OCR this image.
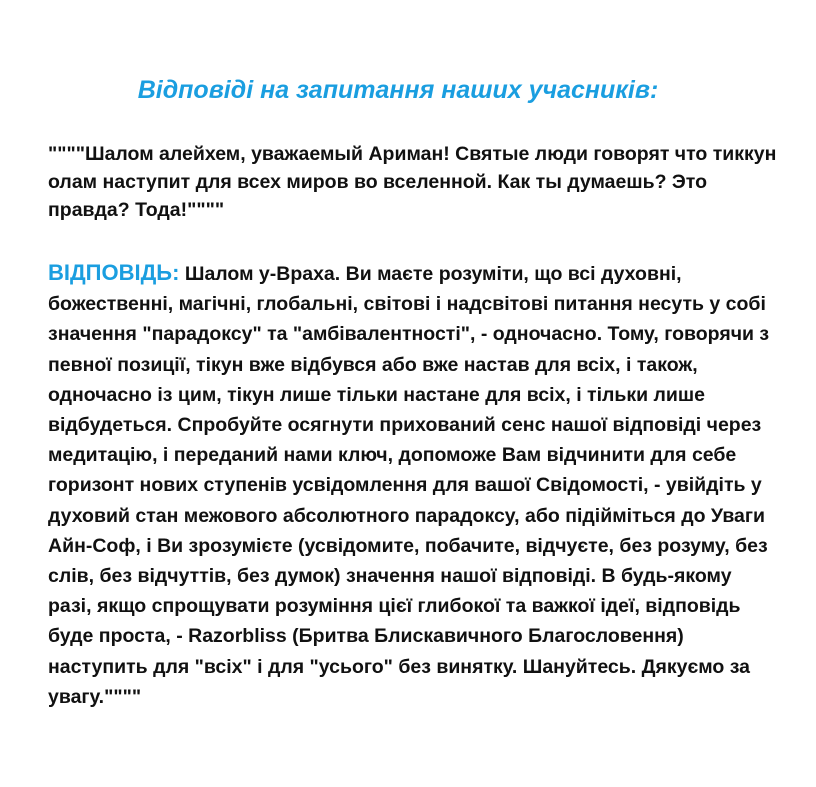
Відповіді на запитання наших учасників:

""""Шалом алейхем, уважаемый Ариман! Святые люди говорят что тиккун олам наступит для всех миров во вселенной. Как ты думаешь? Это правда? Тода!""""

ВІДПОВІДЬ: Шалом у-Враха. Ви маєте розуміти, що всі духовні, божественні, магічні, глобальні, світові і надсвітові питання несуть у собі значення "парадоксу" та "амбівалентності", - одночасно. Тому, говорячи з певної позиції, тікун вже відбувся або вже настав для всіх, і також, одночасно із цим, тікун лише тільки настане для всіх, і тільки лише відбудеться. Спробуйте осягнути прихований сенс нашої відповіді через медитацію, і переданий нами ключ, допоможе Вам відчинити для себе горизонт нових ступенів усвідомлення для вашої Свідомості, - увійдіть у духовий стан межового абсолютного парадоксу, або підійміться до Уваги Айн-Соф, і Ви зрозумієте (усвідомите, побачите, відчуєте, без розуму, без слів, без відчуттів, без думок) значення нашої відповіді. В будь-якому разі, якщо спрощувати розуміння цієї глибокої та важкої ідеї, відповідь буде проста, - Razorbliss (Бритва Блискавичного Благословення) наступить для "всіх" і для "усього" без винятку. Шануйтесь. Дякуємо за увагу.""""
